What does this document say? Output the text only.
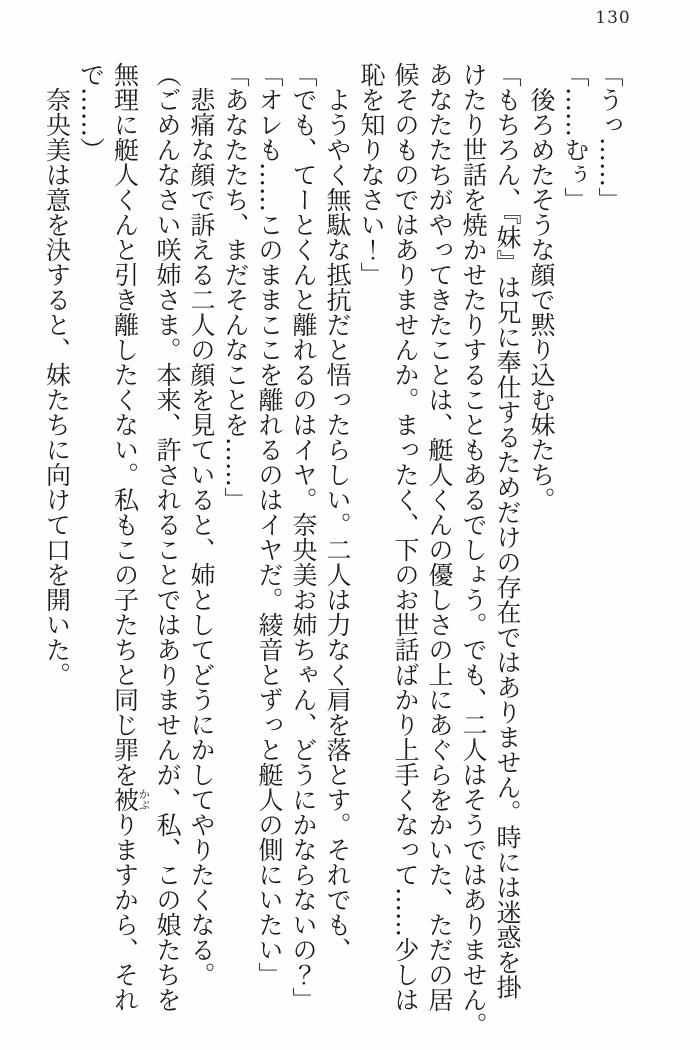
130

「うっ……」

「……むぅ」

後ろめたそうな顔で黙り込む妹たち。

「もちろん、『妹』は兄に奉仕するためだけの存在ではありません。時には迷惑を掛

けたり世話を焼かせたりすることもあるでしょう。でも、二人はそうではありません。

あなたたちがやってきたことは、艇人くんの優しさの上にあぐらをかいた、ただの居

候そのものではありませんか。まったく、下のお世話ばかり上手くなって……少しは

恥を知りなさい！」

ようやく無駄な抵抗だと悟ったらしい。二人は力なく肩を落とす。それでも、

「でも、てーとくんと離れるのはイヤ。奈央美お姉ちゃん、どうにかならないの？」

「オレも……このままここを離れるのはイヤだ。綾音とずっと艇人の側にいたい」

「あなたたち、まだそんなことを……」

悲痛な顔で訴える二人の顔を見ていると、姉としてどうにかしてやりたくなる。

（ごめんなさい咲姉さま。本来、許されることではありませんが、私、この娘たちを

無理に艇人くんと引き離したくない。私もこの子たちと同じ罪を被かぶりますから、それ

で……）

奈央美は意を決すると、妹たちに向けて口を開いた。
